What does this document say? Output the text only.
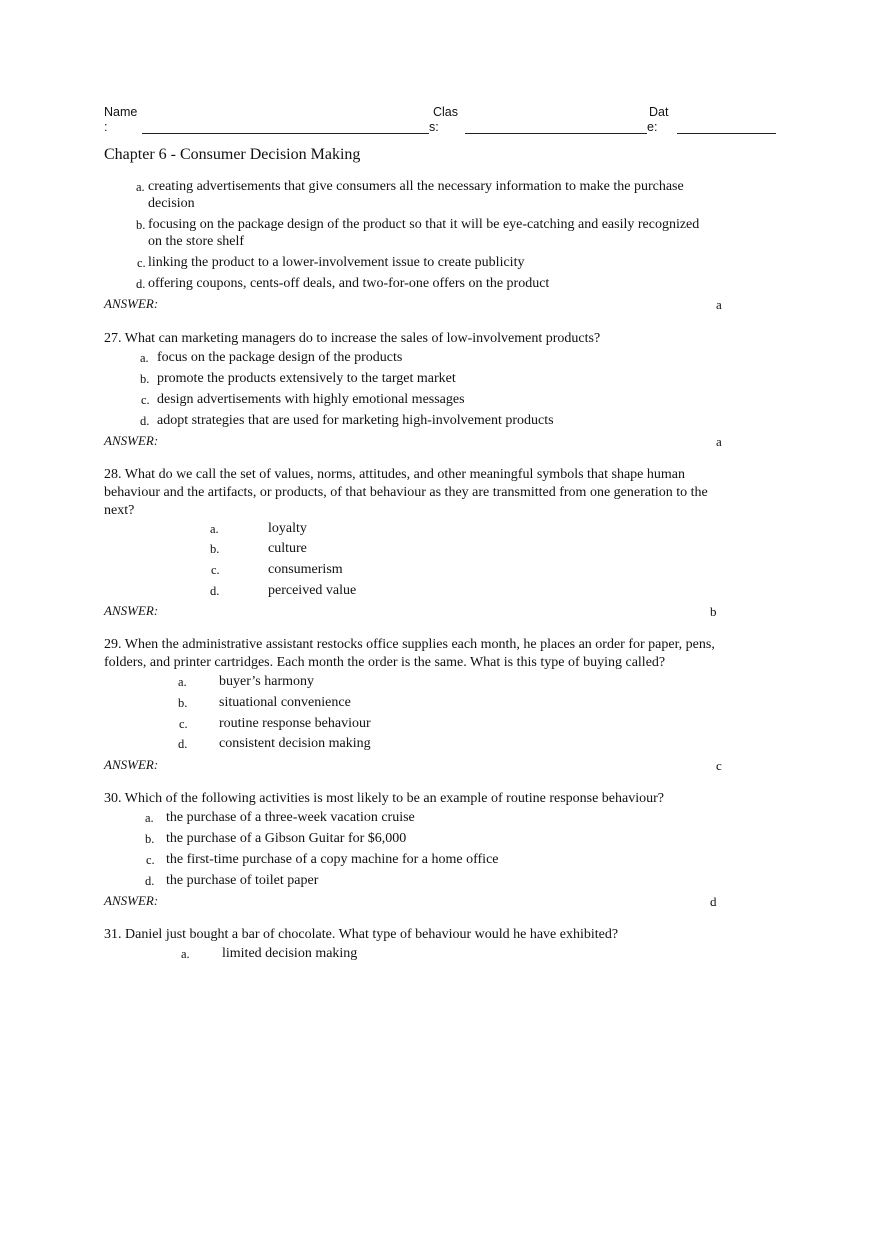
Name
:
Clas
s:
Dat
e:
Chapter 6 - Consumer Decision Making
a. creating advertisements that give consumers all the necessary information to make the purchase
decision
b. focusing on the package design of the product so that it will be eye-catching and easily recognized
on the store shelf
c. linking the product to a lower-involvement issue to create publicity
d. offering coupons, cents-off deals, and two-for-one offers on the product
ANSWER:	a
27. What can marketing managers do to increase the sales of low-involvement products?
a. focus on the package design of the products
b. promote the products extensively to the target market
c. design advertisements with highly emotional messages
d. adopt strategies that are used for marketing high-involvement products
ANSWER:	a
28. What do we call the set of values, norms, attitudes, and other meaningful symbols that shape human
behaviour and the artifacts, or products, of that behaviour as they are transmitted from one generation to the
next?
a.	loyalty
b.	culture
c.	consumerism
d.	perceived value
ANSWER:	b
29. When the administrative assistant restocks office supplies each month, he places an order for paper, pens,
folders, and printer cartridges. Each month the order is the same. What is this type of buying called?
a. buyer’s harmony
b. situational convenience
c. routine response behaviour
d. consistent decision making
ANSWER:	c
30. Which of the following activities is most likely to be an example of routine response behaviour?
a. the purchase of a three-week vacation cruise
b. the purchase of a Gibson Guitar for $6,000
c. the first-time purchase of a copy machine for a home office
d. the purchase of toilet paper
ANSWER:	d
31. Daniel just bought a bar of chocolate. What type of behaviour would he have exhibited?
a. limited decision making
